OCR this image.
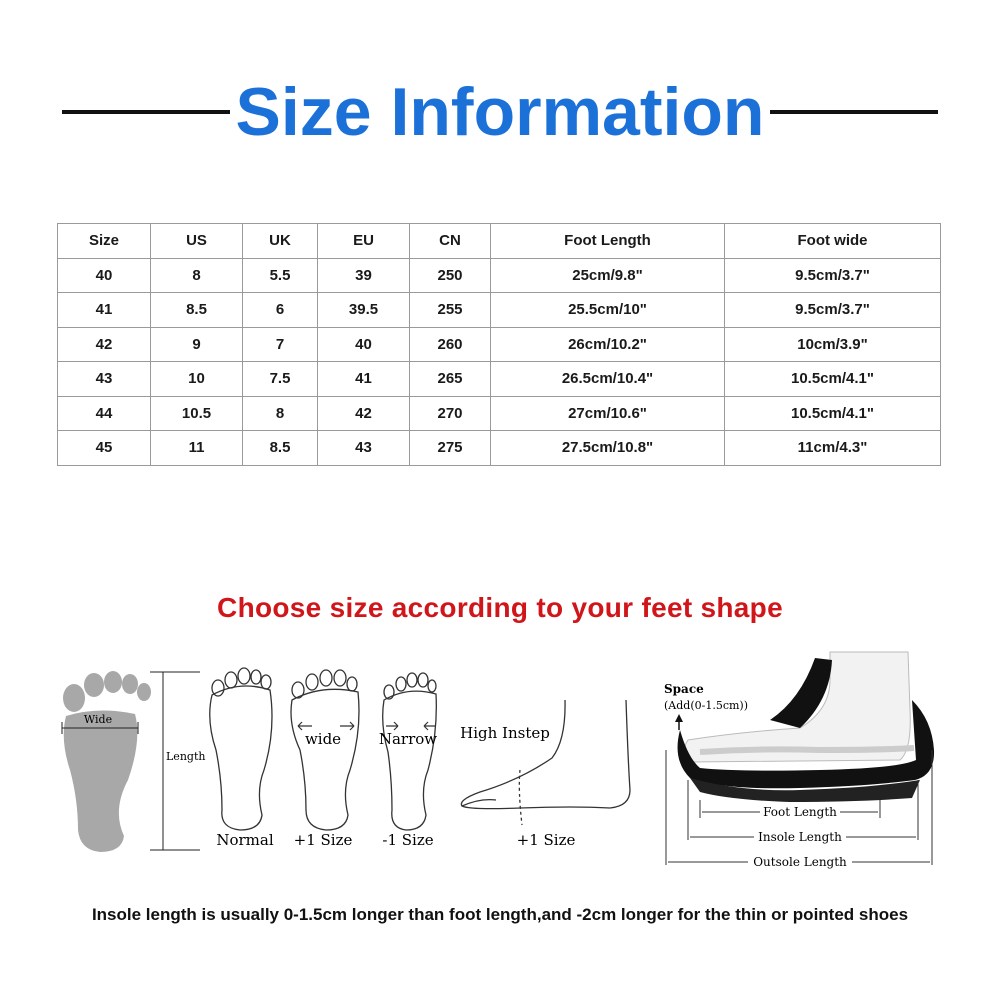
Size Information
Size	US	UK	EU	CN	Foot Length	Foot wide
40	8	5.5	39	250	25cm/9.8"	9.5cm/3.7"
41	8.5	6	39.5	255	25.5cm/10"	9.5cm/3.7"
42	9	7	40	260	26cm/10.2"	10cm/3.9"
43	10	7.5	41	265	26.5cm/10.4"	10.5cm/4.1"
44	10.5	8	42	270	27cm/10.6"	10.5cm/4.1"
45	11	8.5	43	275	27.5cm/10.8"	11cm/4.3"
Choose size according to your feet shape
Wide
Length
Normal
wide
+1 Size
Narrow
-1 Size
High Instep
+1 Size
Space
(Add(0-1.5cm))
Foot Length
Insole Length
Outsole Length
Insole length is usually 0-1.5cm longer than foot length,and -2cm longer for the thin or pointed shoes
